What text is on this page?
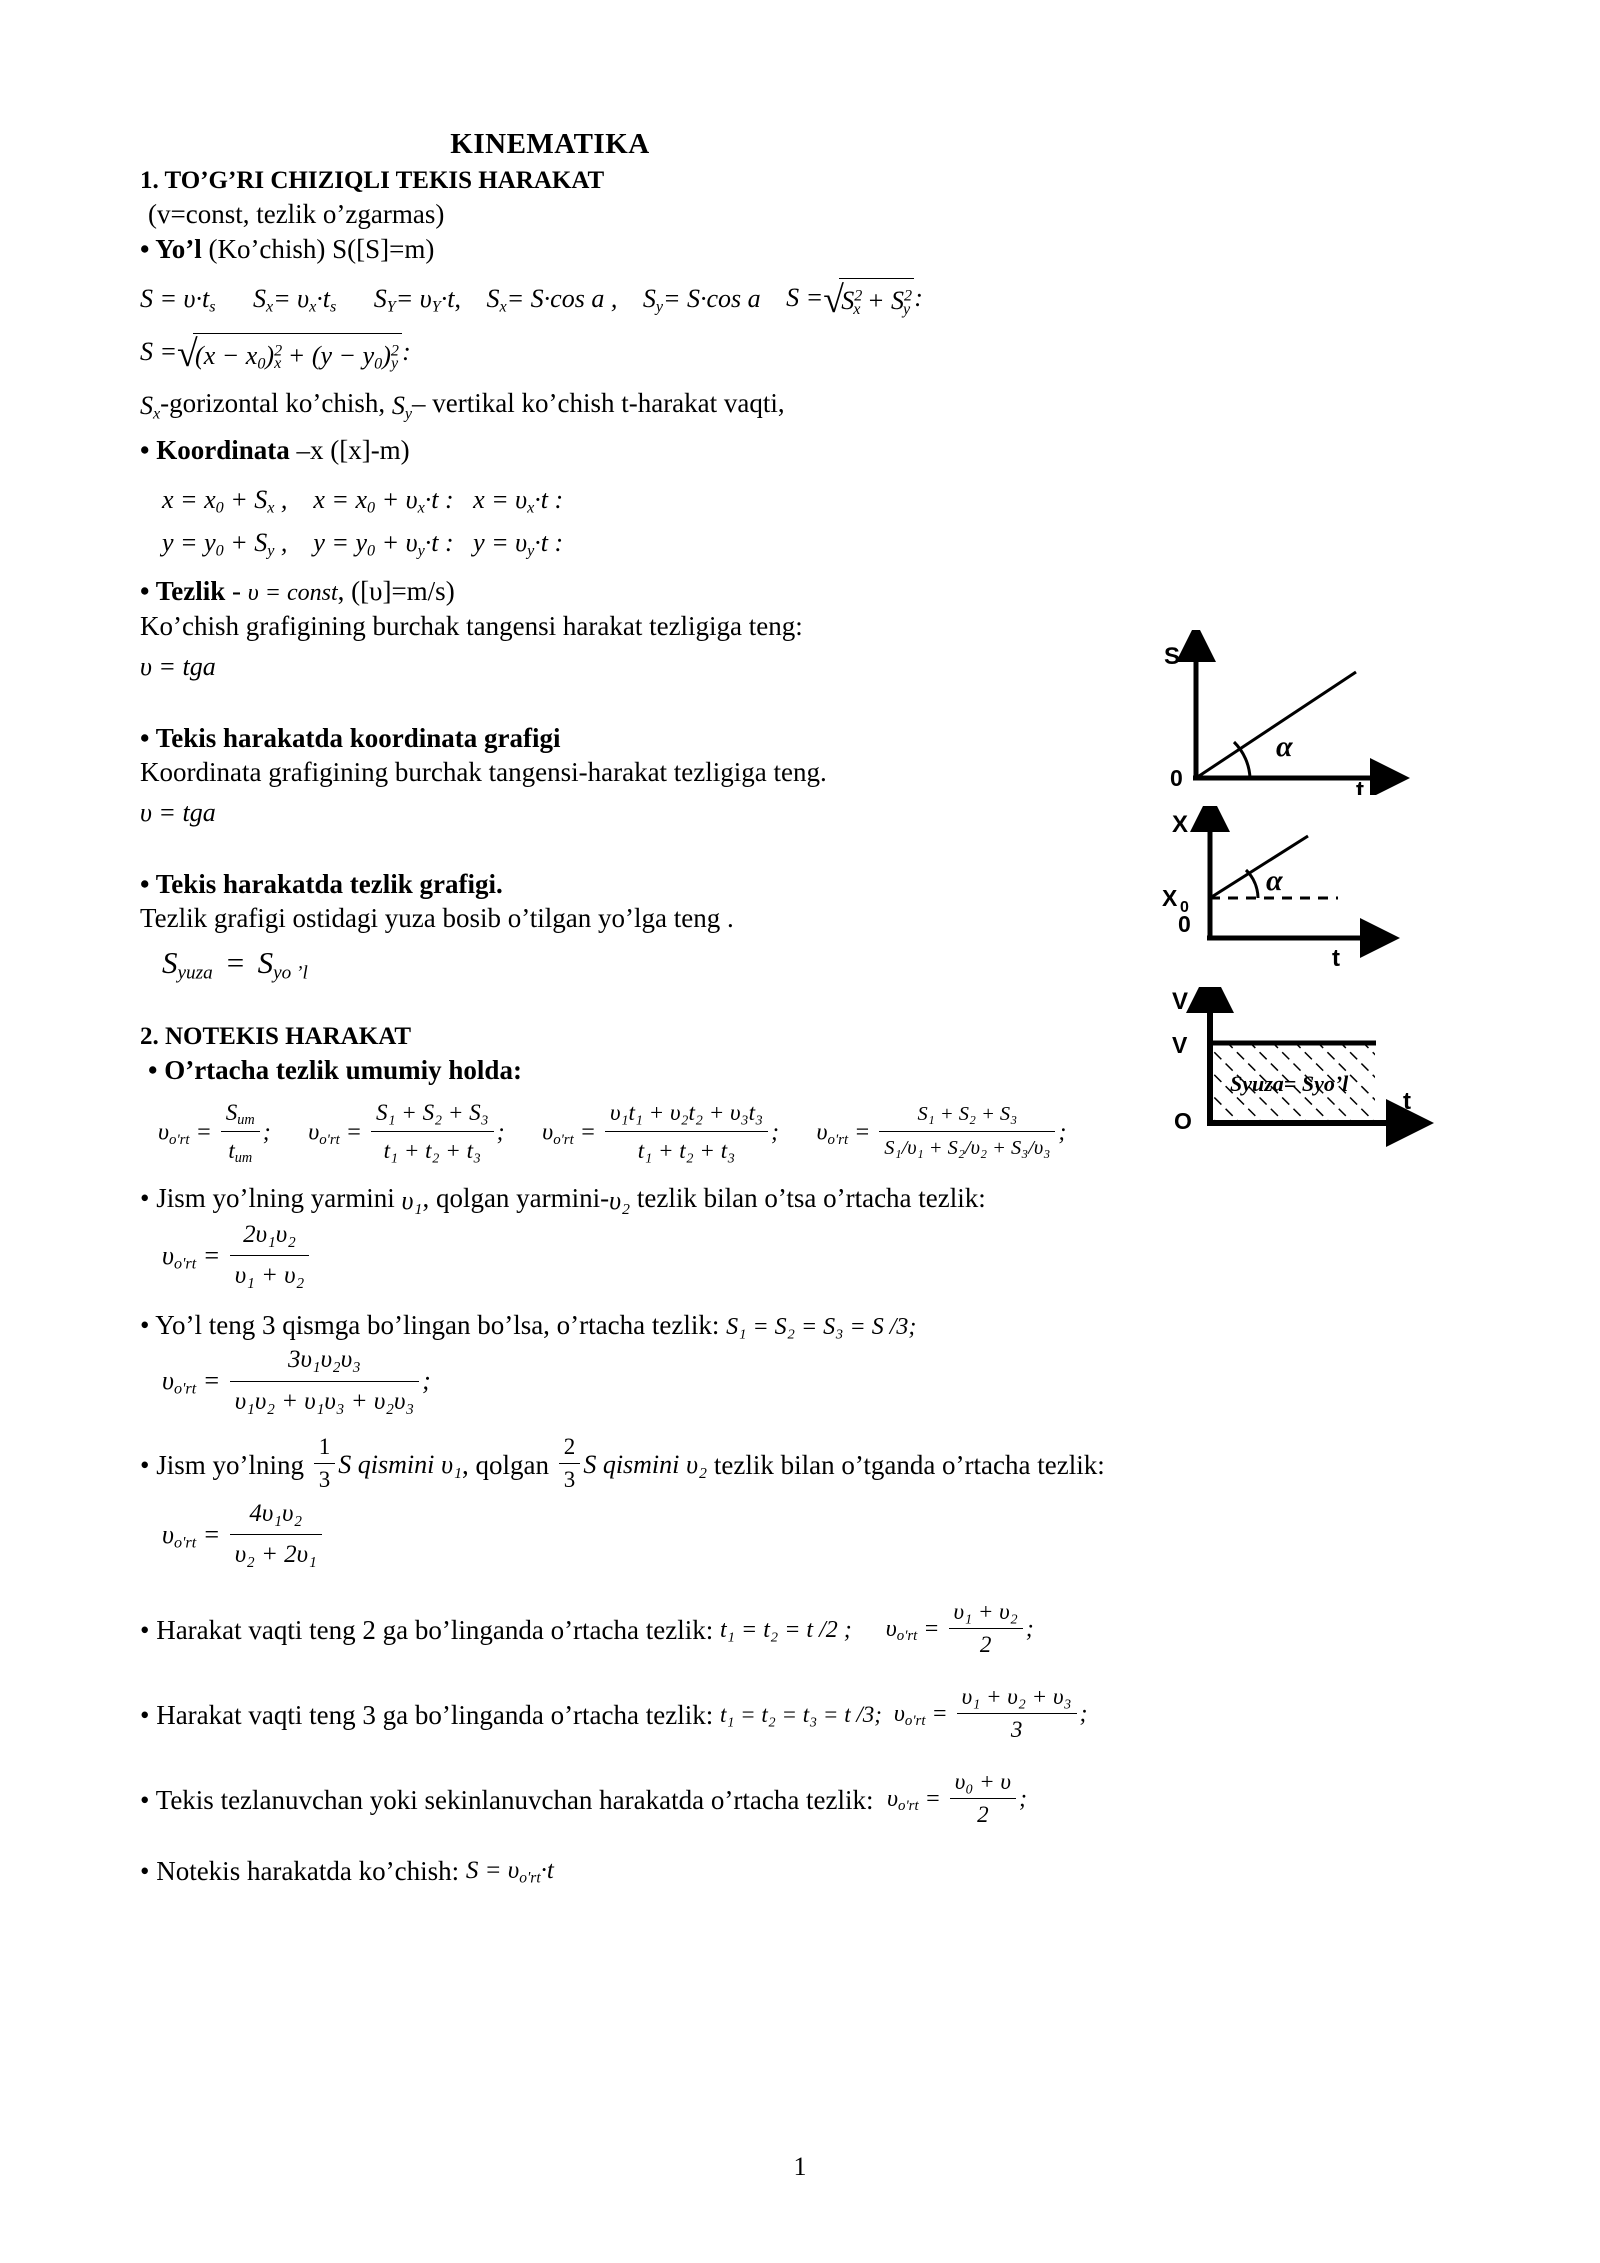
KINEMATIKA
1. TO’G’RI CHIZIQLI TEKIS HARAKAT
(v=const, tezlik o’zgarmas)
• Yo’l (Ko’chish) S([S]=m)
$S = \upsilon\cdot t_s$ $S_x= \upsilon_x\cdot t_s$ $S_Y= \upsilon_Y\cdot t$, $S_x= S\cdot\cos$ a , $S_y= S\cdot\cos$ a S = √
$S^2_x + S^2_y$ :
S = √
$(x - x_0)^2_x + (y - y_0)^2_y$ :
$S_x$-gorizontal ko’chish, $S_y-$ vertikal ko’chish t-harakat vaqti,
• Koordinata –x ([x]-m)
$x = x_0 + S_x$ ,    $x = x_0 + \upsilon_x\cdot t$ :   $x = \upsilon_x\cdot t$ :
$y = y_0 + S_y$ ,    $y = y_0 + \upsilon_y\cdot t$ :   $y = \upsilon_y\cdot t$ :
• Tezlik - υ = const, ([υ]=m/s)
Ko’chish grafigining burchak tangensi harakat tezligiga teng:
υ = tga
• Tekis harakatda koordinata grafigi
Koordinata grafigining burchak tangensi-harakat tezligiga teng.
υ = tga
• Tekis harakatda tezlik grafigi.
Tezlik grafigi ostidagi yuza bosib o’tilgan yo’lga teng .
$S_{yuza} = S_{yo ’l}$
2. NOTEKIS HARAKAT
• O’rtacha tezlik umumiy holda:
$\upsilon_{o'rt} = \frac{S_{um}}{t_{um}}$ ; $\upsilon_{o'rt} = \frac{\text{S₁ + S₂ + S₃}}{\text{t₁ + t₂ + t₃}}$ ; $\upsilon_{o'rt} = \frac{\text{υ₁t₁ + υ₂t₂ + υ₃t₃}}{\text{t₁ + t₂ + t₃}}$ ; $\upsilon_{o'rt} = \frac{\text{S₁ + S₂ + S₃}}{\text{S₁/υ₁ + S₂/υ₂ + S₃/υ₃}}$ ;
• Jism yo’lning yarmini υ₁, qolgan yarmini-υ₂ tezlik bilan o’tsa o’rtacha tezlik:
$\upsilon_{o'rt} = \frac{\text{2υ₁υ₂}}{\text{υ₁ + υ₂}}$
• Yo’l teng 3 qismga bo’lingan bo’lsa, o’rtacha tezlik: S₁ = S₂ = S₃ = S /3;
$\upsilon_{o'rt} = \frac{\text{3υ₁υ₂υ₃}}{\text{υ₁υ₂ + υ₁υ₃ + υ₂υ₃}}$ ;
• Jism yo’lning
$\frac{1}{3}$ S qismini
υ₁ , qolgan
$\frac{2}{3}$ S qismini
υ₂
tezlik bilan o’tganda o’rtacha tezlik:
$\upsilon_{o'rt} = \frac{\text{4υ₁υ₂}}{\text{υ₂ + 2υ₁}}$
• Harakat vaqti teng 2 ga bo’linganda o’rtacha tezlik:
t₁ = t₂ = t /2 ; $\upsilon_{o'rt} = \frac{\text{υ₁ + υ₂}}{2}$ ;
• Harakat vaqti teng 3 ga bo’linganda o’rtacha tezlik:
t₁ = t₂ = t₃ = t /3; $\upsilon_{o'rt} = \frac{\text{υ₁ + υ₂ + υ₃}}{3}$ ;
• Tekis tezlanuvchan yoki sekinlanuvchan harakatda o’rtacha tezlik:
$\upsilon_{o'rt} = \frac{\text{υ₀ + υ}}{2}$ ;
• Notekis harakatda ko’chish :
$S = \upsilon_{o'rt}\cdot t$
S
t
0
α
X
t
X 0
0
α
V
t
V
O
Syuza= Syo’l
1
